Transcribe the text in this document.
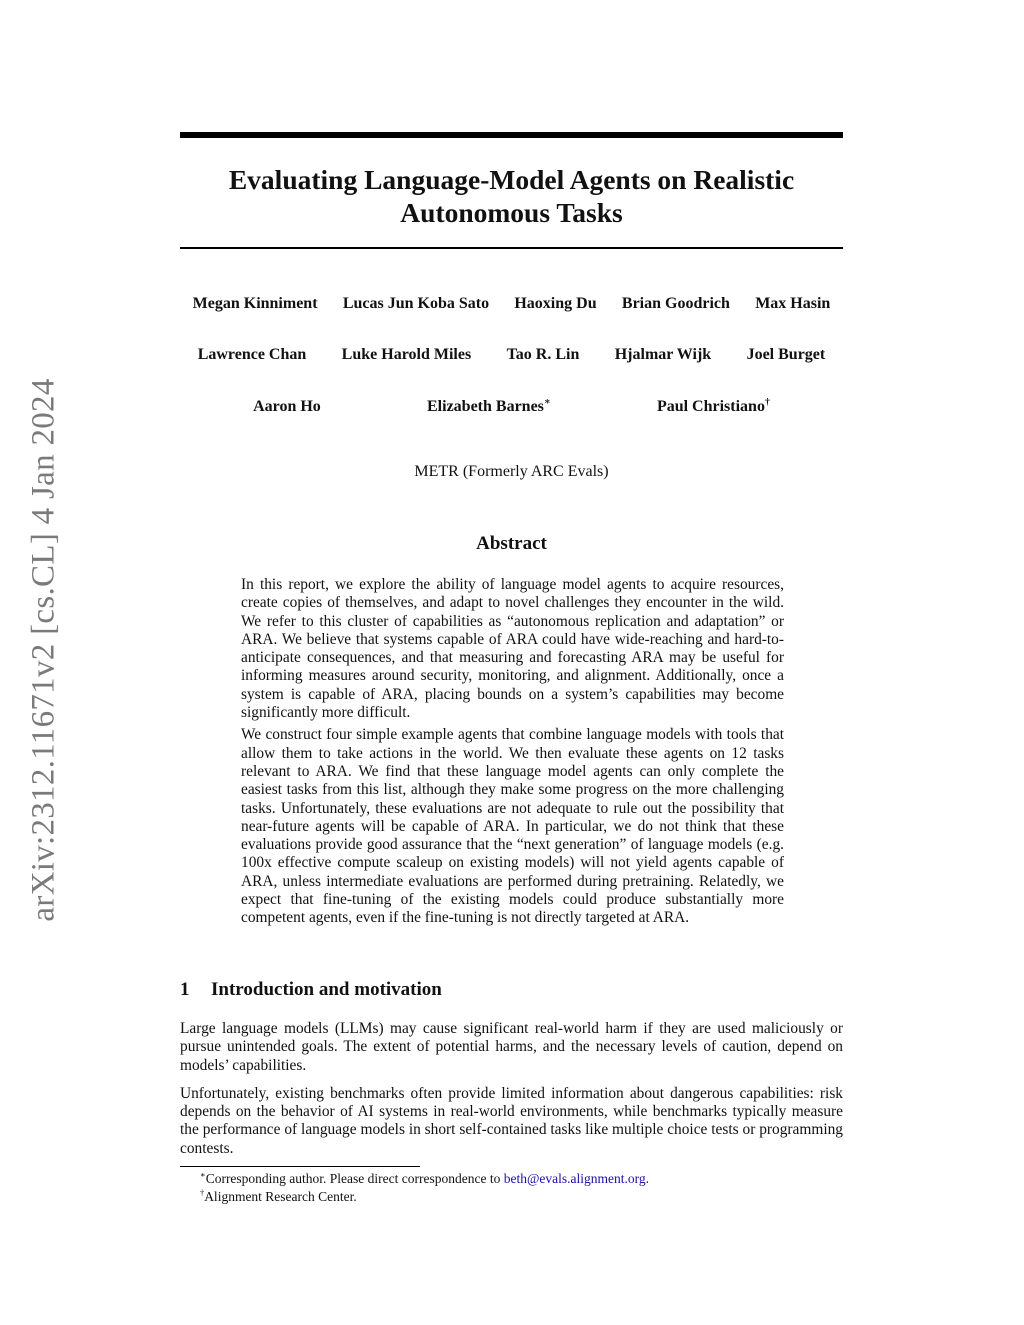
arXiv:2312.11671v2 [cs.CL] 4 Jan 2024
Evaluating Language-Model Agents on Realistic Autonomous Tasks
Megan Kinniment Lucas Jun Koba Sato Haoxing Du Brian Goodrich Max Hasin
Lawrence Chan Luke Harold Miles Tao R. Lin Hjalmar Wijk Joel Burget
Aaron Ho	Elizabeth Barnes∗	Paul Christiano†
METR (Formerly ARC Evals)
Abstract

In this report, we explore the ability of language model agents to acquire resources, create copies of themselves, and adapt to novel challenges they encounter in the wild. We refer to this cluster of capabilities as “autonomous replication and adaptation” or ARA. We believe that systems capable of ARA could have wide-reaching and hard-to-anticipate consequences, and that measuring and forecasting ARA may be useful for informing measures around security, monitoring, and alignment. Additionally, once a system is capable of ARA, placing bounds on a system’s capabilities may become significantly more difficult.

We construct four simple example agents that combine language models with tools that allow them to take actions in the world. We then evaluate these agents on 12 tasks relevant to ARA. We find that these language model agents can only complete the easiest tasks from this list, although they make some progress on the more challenging tasks. Unfortunately, these evaluations are not adequate to rule out the possibility that near-future agents will be capable of ARA. In particular, we do not think that these evaluations provide good assurance that the “next generation” of language models (e.g. 100x effective compute scaleup on existing models) will not yield agents capable of ARA, unless intermediate evaluations are performed during pretraining. Relatedly, we expect that fine-tuning of the existing models could produce substantially more competent agents, even if the fine-tuning is not directly targeted at ARA.

1 Introduction and motivation

Large language models (LLMs) may cause significant real-world harm if they are used maliciously or pursue unintended goals. The extent of potential harms, and the necessary levels of caution, depend on models’ capabilities.

Unfortunately, existing benchmarks often provide limited information about dangerous capabilities: risk depends on the behavior of AI systems in real-world environments, while benchmarks typically measure the performance of language models in short self-contained tasks like multiple choice tests or programming contests.

∗Corresponding author. Please direct correspondence to beth@evals.alignment.org.
†Alignment Research Center.
